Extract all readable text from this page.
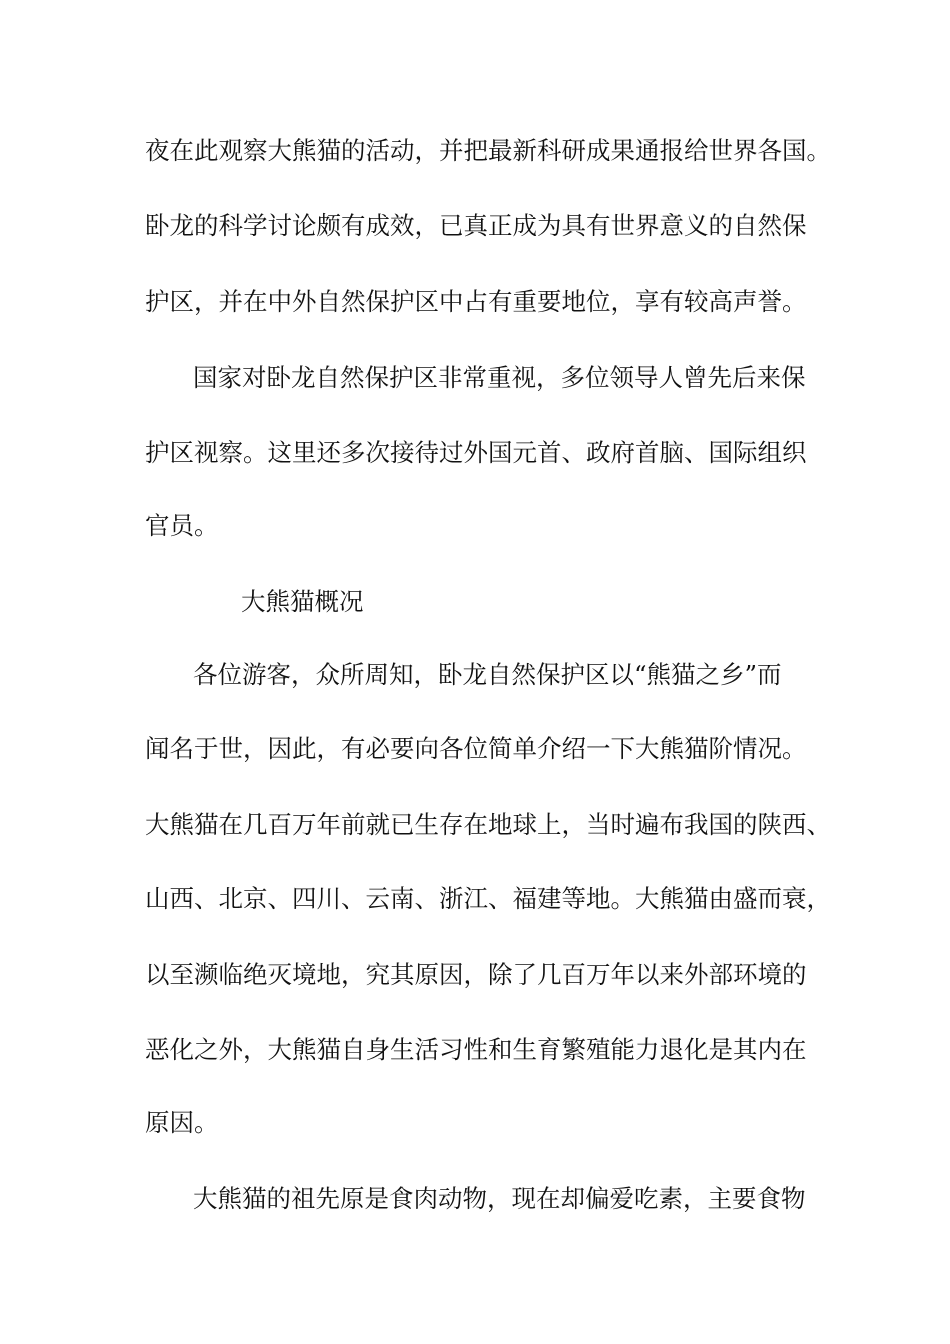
夜在此观察大熊猫的活动，并把最新科研成果通报给世界各国。

卧龙的科学讨论颇有成效，已真正成为具有世界意义的自然保

护区，并在中外自然保护区中占有重要地位，享有较高声誉。

国家对卧龙自然保护区非常重视，多位领导人曾先后来保

护区视察。这里还多次接待过外国元首、政府首脑、国际组织

官员。

大熊猫概况

各位游客，众所周知，卧龙自然保护区以“熊猫之乡”而

闻名于世，因此，有必要向各位简单介绍一下大熊猫阶情况。

大熊猫在几百万年前就已生存在地球上，当时遍布我国的陕西、

山西、北京、四川、云南、浙江、福建等地。大熊猫由盛而衰，

以至濒临绝灭境地，究其原因，除了几百万年以来外部环境的

恶化之外，大熊猫自身生活习性和生育繁殖能力退化是其内在

原因。

大熊猫的祖先原是食肉动物，现在却偏爱吃素，主要食物
